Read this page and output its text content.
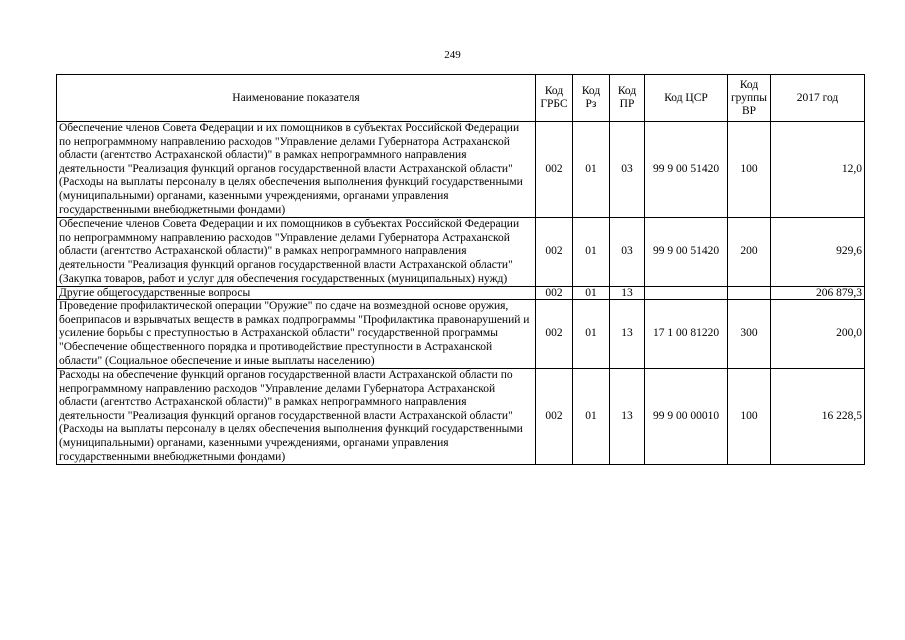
249
Наименование показателя	Код ГРБС	Код Рз	Код ПР	Код ЦСР	Код группы ВР	2017 год
Обеспечение членов Совета Федерации и их помощников в субъектах Российской Федерации по непрограммному направлению расходов "Управление делами Губернатора Астраханской области (агентство Астраханской области)" в рамках непрограммного направления деятельности "Реализация функций органов государственной власти Астраханской области" (Расходы на выплаты персоналу в целях обеспечения выполнения функций государственными (муниципальными) органами, казенными учреждениями, органами управления государственными внебюджетными фондами)	002	01	03	99 9 00 51420	100	12,0
Обеспечение членов Совета Федерации и их помощников в субъектах Российской Федерации по непрограммному направлению расходов "Управление делами Губернатора Астраханской области (агентство Астраханской области)" в рамках непрограммного направления деятельности "Реализация функций органов государственной власти Астраханской области" (Закупка товаров, работ и услуг для обеспечения государственных (муниципальных) нужд)	002	01	03	99 9 00 51420	200	929,6
Другие общегосударственные вопросы	002	01	13			206 879,3
Проведение профилактической операции "Оружие" по сдаче на возмездной основе оружия, боеприпасов и взрывчатых веществ в рамках подпрограммы "Профилактика правонарушений и усиление борьбы с преступностью в Астраханской области" государственной программы "Обеспечение общественного порядка и противодействие преступности в Астраханской области" (Социальное обеспечение и иные выплаты населению)	002	01	13	17 1 00 81220	300	200,0
Расходы на обеспечение функций органов государственной власти Астраханской области по непрограммному направлению расходов "Управление делами Губернатора Астраханской области (агентство Астраханской области)" в рамках непрограммного направления деятельности "Реализация функций органов государственной власти Астраханской области" (Расходы на выплаты персоналу в целях обеспечения выполнения функций государственными (муниципальными) органами, казенными учреждениями, органами управления государственными внебюджетными фондами)	002	01	13	99 9 00 00010	100	16 228,5
